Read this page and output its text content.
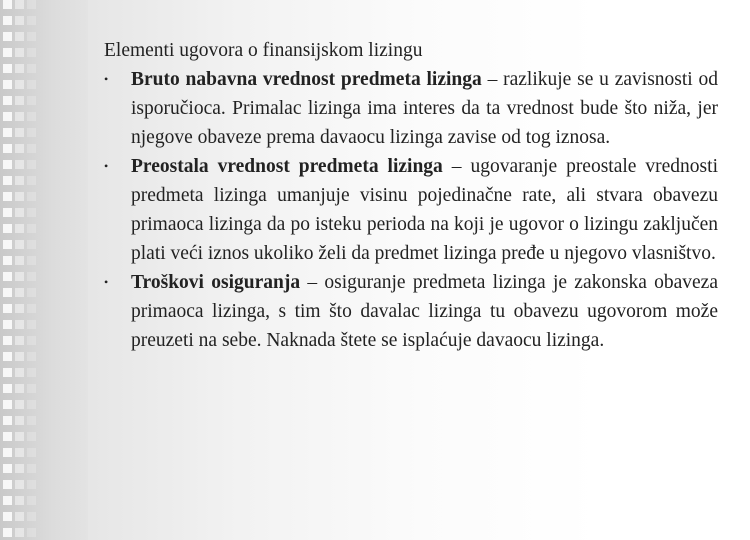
Elementi ugovora o finansijskom lizingu
•	Bruto nabavna vrednost predmeta lizinga – razlikuje se u zavisnosti od isporučioca. Primalac lizinga ima interes da ta vrednost bude što niža, jer njegove obaveze prema davaocu lizinga zavise od tog iznosa.
•	Preostala vrednost predmeta lizinga – ugovaranje preostale vrednosti predmeta lizinga umanjuje visinu pojedinačne rate, ali stvara obavezu primaoca lizinga da po isteku perioda na koji je ugovor o lizingu zaključen plati veći iznos ukoliko želi da predmet lizinga pređe u njegovo vlasništvo.
•	Troškovi osiguranja – osiguranje predmeta lizinga je zakonska obaveza primaoca lizinga, s tim što davalac lizinga tu obavezu ugovorom može preuzeti na sebe. Naknada štete se isplaćuje davaocu lizinga.
